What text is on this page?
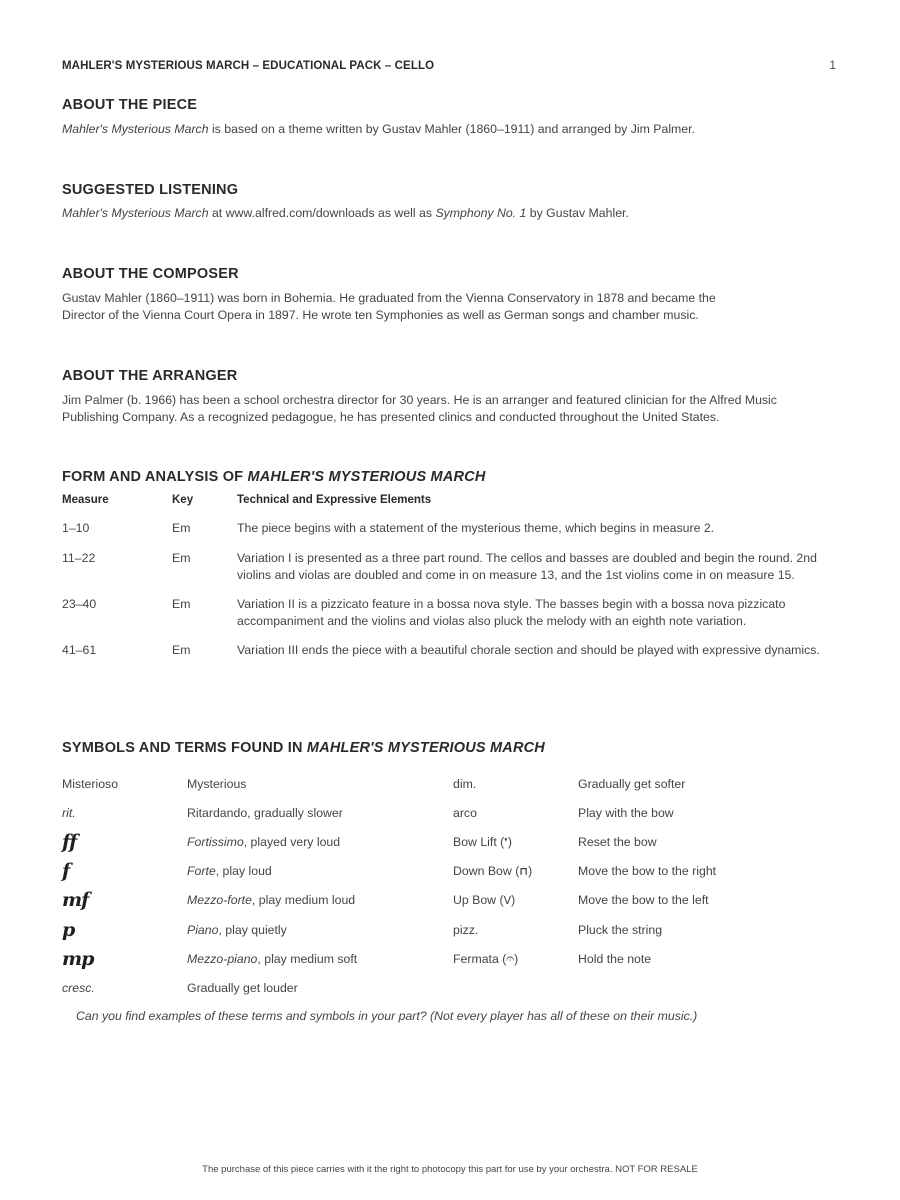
MAHLER'S MYSTERIOUS MARCH – EDUCATIONAL PACK – CELLO	1
ABOUT THE PIECE

Mahler's Mysterious March is based on a theme written by Gustav Mahler (1860–1911) and arranged by Jim Palmer.

SUGGESTED LISTENING

Mahler's Mysterious March at www.alfred.com/downloads as well as Symphony No. 1 by Gustav Mahler.

ABOUT THE COMPOSER

Gustav Mahler (1860–1911) was born in Bohemia. He graduated from the Vienna Conservatory in 1878 and became the
Director of the Vienna Court Opera in 1897. He wrote ten Symphonies as well as German songs and chamber music.

ABOUT THE ARRANGER

Jim Palmer (b. 1966) has been a school orchestra director for 30 years. He is an arranger and featured clinician for the Alfred Music
Publishing Company. As a recognized pedagogue, he has presented clinics and conducted throughout the United States.

FORM AND ANALYSIS OF MAHLER'S MYSTERIOUS MARCH
Measure	Key	Technical and Expressive Elements
1–10	Em	The piece begins with a statement of the mysterious theme, which begins in measure 2.
11–22	Em	Variation I is presented as a three part round. The cellos and basses are doubled and begin the round. 2nd violins and violas are doubled and come in on measure 13, and the 1st violins come in on measure 15.
23–40	Em	Variation II is a pizzicato feature in a bossa nova style. The basses begin with a bossa nova pizzicato accompaniment and the violins and violas also pluck the melody with an eighth note variation.
41–61	Em	Variation III ends the piece with a beautiful chorale section and should be played with expressive dynamics.
SYMBOLS AND TERMS FOUND IN MAHLER'S MYSTERIOUS MARCH
Misterioso	Mysterious	dim.	Gradually get softer
rit.	Ritardando, gradually slower	arco	Play with the bow
ff	Fortissimo, played very loud	Bow Lift (❜)	Reset the bow
f	Forte, play loud	Down Bow (⊓)	Move the bow to the right
mf	Mezzo-forte, play medium loud	Up Bow (V)	Move the bow to the left
p	Piano, play quietly	pizz.	Pluck the string
mp	Mezzo-piano, play medium soft	Fermata (𝄐)	Hold the note
cresc.	Gradually get louder
Can you find examples of these terms and symbols in your part? (Not every player has all of these on their music.)
The purchase of this piece carries with it the right to photocopy this part for use by your orchestra. NOT FOR RESALE
